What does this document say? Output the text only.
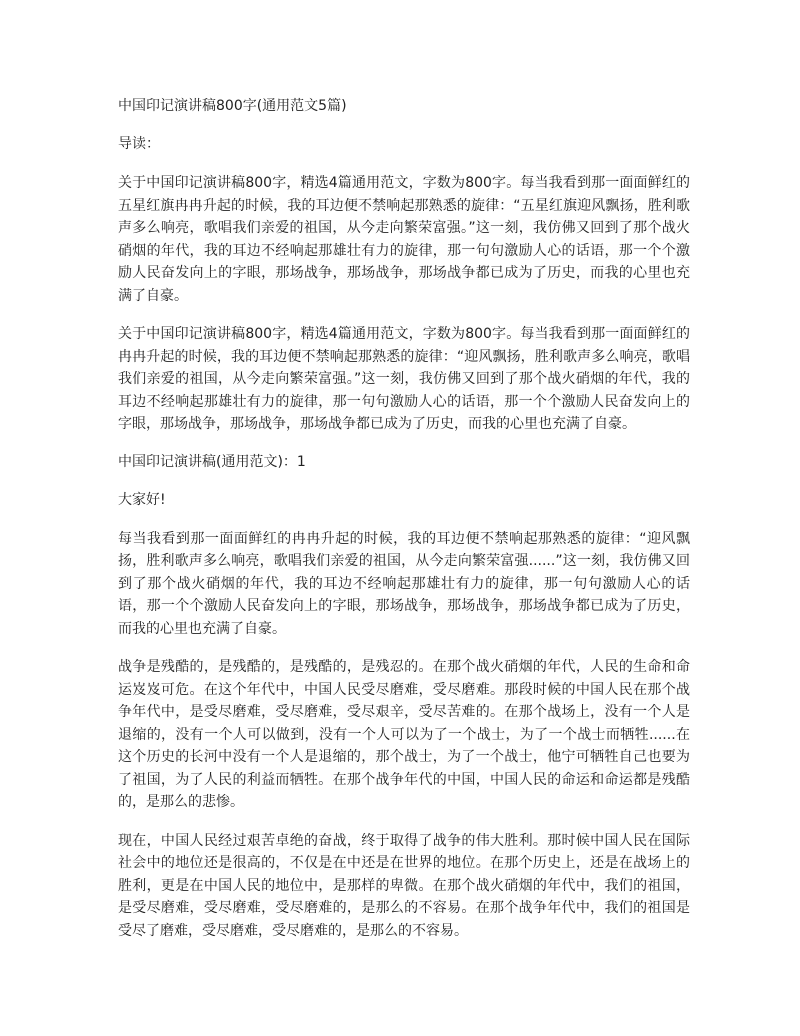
中国印记演讲稿800字(通用范文5篇)
导读：

关于中国印记演讲稿800字，精选4篇通用范文，字数为800字。每当我看到那一面面鲜红的五星红旗冉冉升起的时候，我的耳边便不禁响起那熟悉的旋律：“五星红旗迎风飘扬，胜利歌声多么响亮，歌唱我们亲爱的祖国，从今走向繁荣富强。”这一刻，我仿佛又回到了那个战火硝烟的年代，我的耳边不经响起那雄壮有力的旋律，那一句句激励人心的话语，那一个个激励人民奋发向上的字眼，那场战争，那场战争，那场战争都已成为了历史，而我的心里也充满了自豪。

关于中国印记演讲稿800字，精选4篇通用范文，字数为800字。每当我看到那一面面鲜红的冉冉升起的时候，我的耳边便不禁响起那熟悉的旋律：“迎风飘扬，胜利歌声多么响亮，歌唱我们亲爱的祖国，从今走向繁荣富强。”这一刻，我仿佛又回到了那个战火硝烟的年代，我的耳边不经响起那雄壮有力的旋律，那一句句激励人心的话语，那一个个激励人民奋发向上的字眼，那场战争，那场战争，那场战争都已成为了历史，而我的心里也充满了自豪。

中国印记演讲稿(通用范文)：1
大家好!

每当我看到那一面面鲜红的冉冉升起的时候，我的耳边便不禁响起那熟悉的旋律：“迎风飘扬，胜利歌声多么响亮，歌唱我们亲爱的祖国，从今走向繁荣富强......”这一刻，我仿佛又回到了那个战火硝烟的年代，我的耳边不经响起那雄壮有力的旋律，那一句句激励人心的话语，那一个个激励人民奋发向上的字眼，那场战争，那场战争，那场战争都已成为了历史，而我的心里也充满了自豪。

战争是残酷的，是残酷的，是残酷的，是残忍的。在那个战火硝烟的年代，人民的生命和命运岌岌可危。在这个年代中，中国人民受尽磨难，受尽磨难。那段时候的中国人民在那个战争年代中，是受尽磨难，受尽磨难，受尽艰辛，受尽苦难的。在那个战场上，没有一个人是退缩的，没有一个人可以做到，没有一个人可以为了一个战士，为了一个战士而牺牲......在这个历史的长河中没有一个人是退缩的，那个战士，为了一个战士，他宁可牺牲自己也要为了祖国，为了人民的利益而牺牲。在那个战争年代的中国，中国人民的命运和命运都是残酷的，是那么的悲惨。

现在，中国人民经过艰苦卓绝的奋战，终于取得了战争的伟大胜利。那时候中国人民在国际社会中的地位还是很高的，不仅是在中还是在世界的地位。在那个历史上，还是在战场上的胜利，更是在中国人民的地位中，是那样的卑微。在那个战火硝烟的年代中，我们的祖国，是受尽磨难，受尽磨难，受尽磨难的，是那么的不容易。在那个战争年代中，我们的祖国是受尽了磨难，受尽磨难，受尽磨难的，是那么的不容易。
